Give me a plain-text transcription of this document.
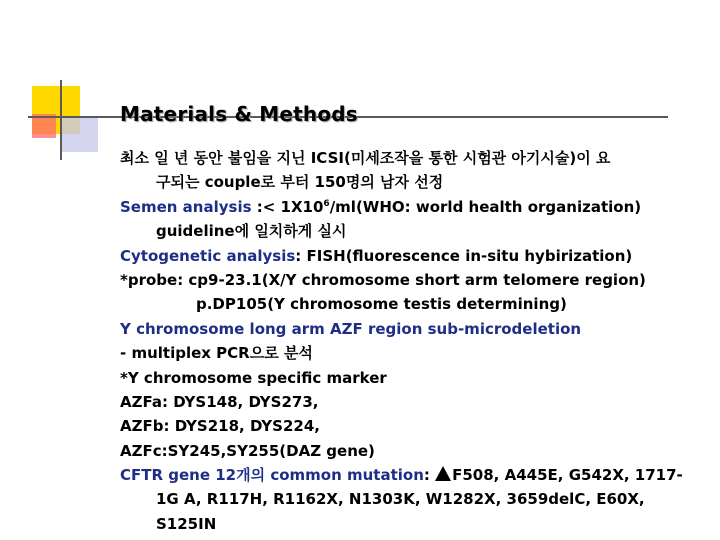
Materials & Methods
최소 일 년 동안 불임을 지닌 ICSI(미세조작을 통한 시험관 아기시술)이 요
구되는 couple로 부터 150명의 남자 선정
Semen analysis :< $1X10^6/ml(WHO$: world health organization)
guideline에 일치하게 실시
Cytogenetic analysis: FISH(fluorescence in-situ hybirization)
*probe: cp9-23.1(X/Y chromosome short arm telomere region)
p.DP105(Y chromosome testis determining)
Y chromosome long arm AZF region sub-microdeletion
- multiplex PCR으로 분석
*Y chromosome specific marker
AZFa: DYS148, DYS273,
AZFb: DYS218, DYS224,
AZFc:SY245,SY255(DAZ gene)
CFTR gene 12개의 common mutation: F508, A445E, G542X, 1717-
1G A, R117H, R1162X, N1303K, W1282X, 3659delC, E60X,
S125IN
